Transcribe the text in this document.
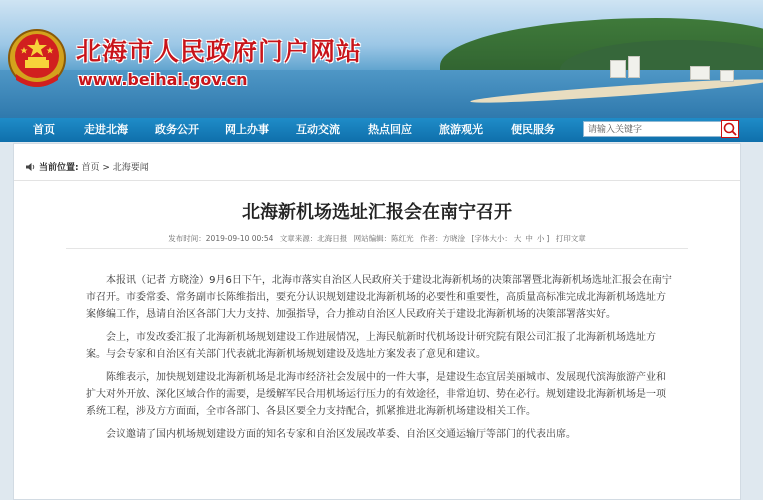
北海市人民政府门户网站
www.beihai.gov.cn
首页	走进北海 政务公开 网上办事 互动交流	热点回应 旅游观光	便民服务	请输入关键字
当前位置: 首页 > 北海要闻
北海新机场选址汇报会在南宁召开
发布时间：2019-09-10 00:54 文章来源：北海日报 网站编辑：陈红光 作者：方晓淦 [字体大小： 大 中 小 ] 打印文章

本报讯（记者 方晓淦）9月6日下午，北海市落实自治区人民政府关于建设北海新机场的决策部署暨北海新机场选址汇报会在南宁市召开。市委常委、常务副市长陈维指出，要充分认识规划建设北海新机场的必要性和重要性，高质量高标准完成北海新机场选址方案修编工作，恳请自治区各部门大力支持、加强指导，合力推动自治区人民政府关于建设北海新机场的决策部署落实好。

会上，市发改委汇报了北海新机场规划建设工作进展情况，上海民航新时代机场设计研究院有限公司汇报了北海新机场选址方案。与会专家和自治区有关部门代表就北海新机场规划建设及选址方案发表了意见和建议。

陈维表示，加快规划建设北海新机场是北海市经济社会发展中的一件大事，是建设生态宜居美丽城市、发展现代滨海旅游产业和扩大对外开放、深化区域合作的需要，是缓解军民合用机场运行压力的有效途径，非常迫切、势在必行。规划建设北海新机场是一项系统工程，涉及方方面面，全市各部门、各县区要全力支持配合，抓紧推进北海新机场建设相关工作。

会议邀请了国内机场规划建设方面的知名专家和自治区发展改革委、自治区交通运输厅等部门的代表出席。
